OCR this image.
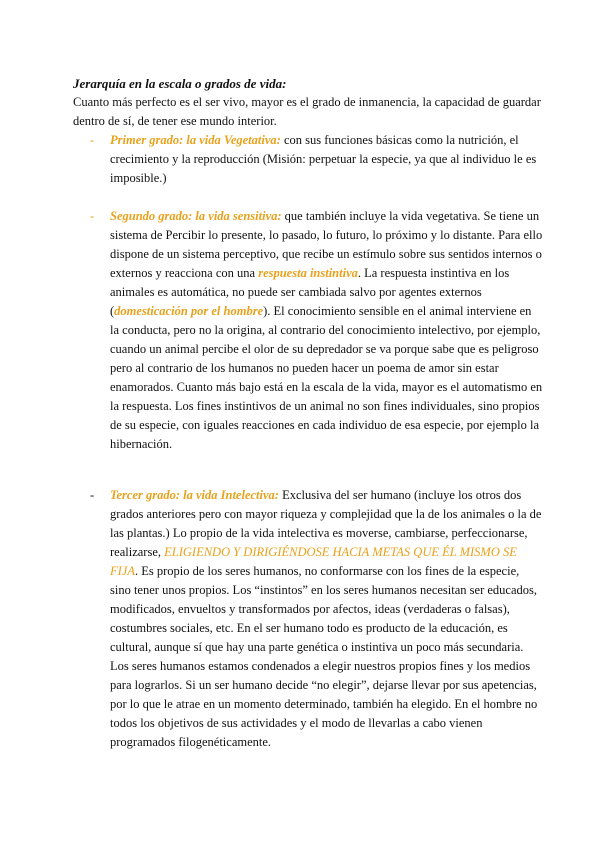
Jerarquía en la escala o grados de vida:
Cuanto más perfecto es el ser vivo, mayor es el grado de inmanencia, la capacidad de guardar dentro de sí, de tener ese mundo interior.
- Primer grado: la vida Vegetativa: con sus funciones básicas como la nutrición, el crecimiento y la reproducción (Misión: perpetuar la especie, ya que al individuo le es imposible.)
- Segundo grado: la vida sensitiva: que también incluye la vida vegetativa. Se tiene un sistema de Percibir lo presente, lo pasado, lo futuro, lo próximo y lo distante. Para ello dispone de un sistema perceptivo, que recibe un estímulo sobre sus sentidos internos o externos y reacciona con una respuesta instintiva. La respuesta instintiva en los animales es automática, no puede ser cambiada salvo por agentes externos (domesticación por el hombre). El conocimiento sensible en el animal interviene en la conducta, pero no la origina, al contrario del conocimiento intelectivo, por ejemplo, cuando un animal percibe el olor de su depredador se va porque sabe que es peligroso pero al contrario de los humanos no pueden hacer un poema de amor sin estar enamorados. Cuanto más bajo está en la escala de la vida, mayor es el automatismo en la respuesta. Los fines instintivos de un animal no son fines individuales, sino propios de su especie, con iguales reacciones en cada individuo de esa especie, por ejemplo la hibernación.
- Tercer grado: la vida Intelectiva: Exclusiva del ser humano (incluye los otros dos grados anteriores pero con mayor riqueza y complejidad que la de los animales o la de las plantas.) Lo propio de la vida intelectiva es moverse, cambiarse, perfeccionarse, realizarse, ELIGIENDO Y DIRIGIÉNDOSE HACIA METAS QUE ÉL MISMO SE FIJA. Es propio de los seres humanos, no conformarse con los fines de la especie, sino tener unos propios. Los “instintos” en los seres humanos necesitan ser educados, modificados, envueltos y transformados por afectos, ideas (verdaderas o falsas), costumbres sociales, etc. En el ser humano todo es producto de la educación, es cultural, aunque sí que hay una parte genética o instintiva un poco más secundaria. Los seres humanos estamos condenados a elegir nuestros propios fines y los medios para lograrlos. Si un ser humano decide “no elegir”, dejarse llevar por sus apetencias, por lo que le atrae en un momento determinado, también ha elegido. En el hombre no todos los objetivos de sus actividades y el modo de llevarlas a cabo vienen programados filogenéticamente.
